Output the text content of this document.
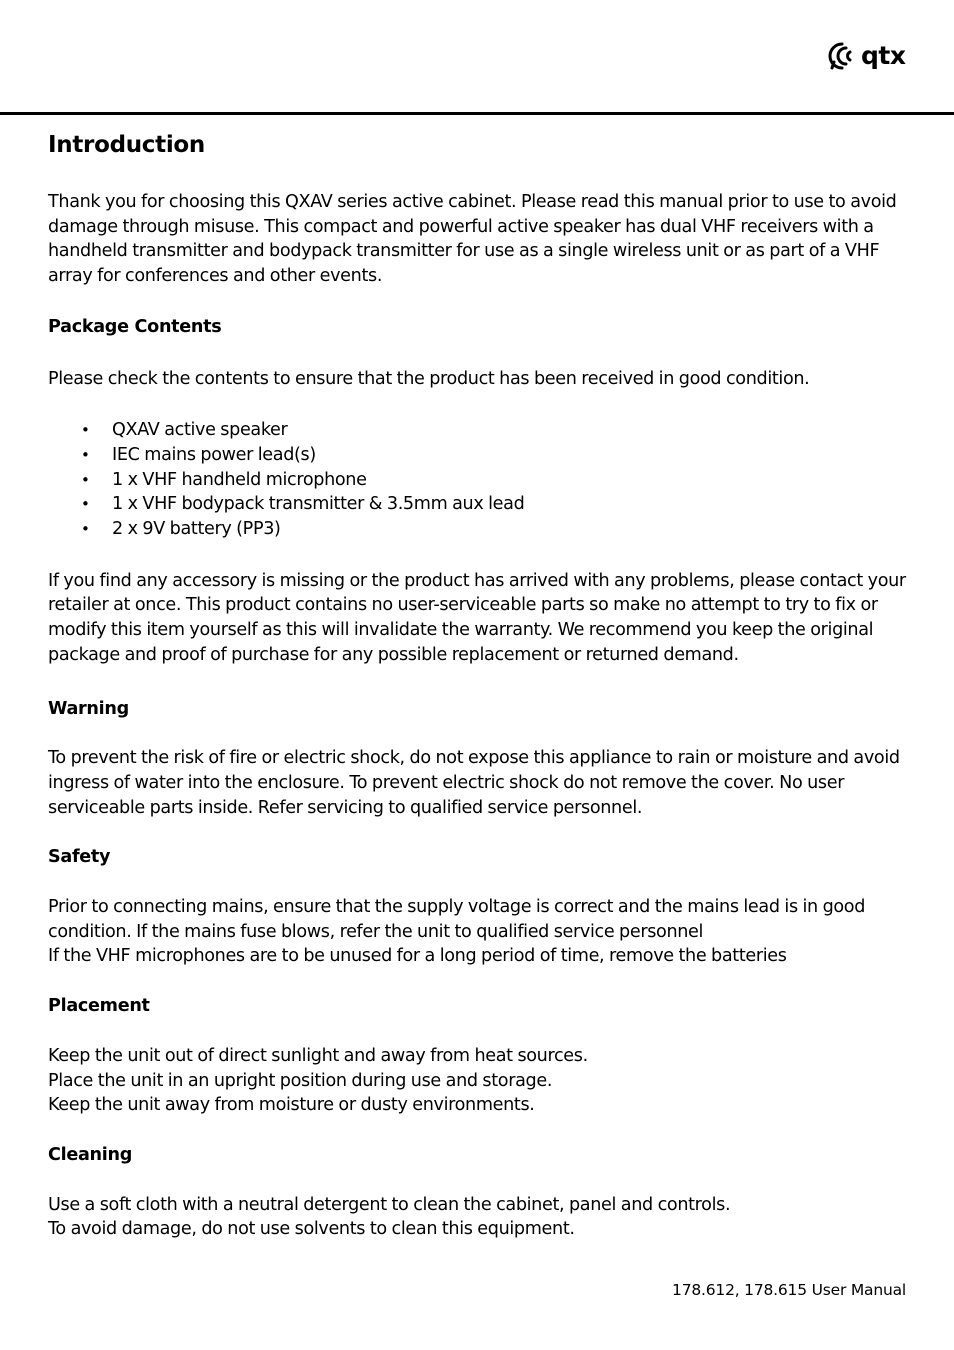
qtx
Introduction

Thank you for choosing this QXAV series active cabinet. Please read this manual prior to use to avoid damage through misuse. This compact and powerful active speaker has dual VHF receivers with a handheld transmitter and bodypack transmitter for use as a single wireless unit or as part of a VHF array for conferences and other events.

Package Contents

Please check the contents to ensure that the product has been received in good condition.

• QXAV active speaker
• IEC mains power lead(s)
• 1 x VHF handheld microphone
• 1 x VHF bodypack transmitter & 3.5mm aux lead
• 2 x 9V battery (PP3)

If you find any accessory is missing or the product has arrived with any problems, please contact your retailer at once. This product contains no user-serviceable parts so make no attempt to try to fix or modify this item yourself as this will invalidate the warranty. We recommend you keep the original package and proof of purchase for any possible replacement or returned demand.

Warning

To prevent the risk of fire or electric shock, do not expose this appliance to rain or moisture and avoid ingress of water into the enclosure. To prevent electric shock do not remove the cover. No user serviceable parts inside. Refer servicing to qualified service personnel.

Safety

Prior to connecting mains, ensure that the supply voltage is correct and the mains lead is in good condition. If the mains fuse blows, refer the unit to qualified service personnel

If the VHF microphones are to be unused for a long period of time, remove the batteries

Placement

Keep the unit out of direct sunlight and away from heat sources.

Place the unit in an upright position during use and storage.

Keep the unit away from moisture or dusty environments.

Cleaning

Use a soft cloth with a neutral detergent to clean the cabinet, panel and controls.

To avoid damage, do not use solvents to clean this equipment.

178.612, 178.615 User Manual
